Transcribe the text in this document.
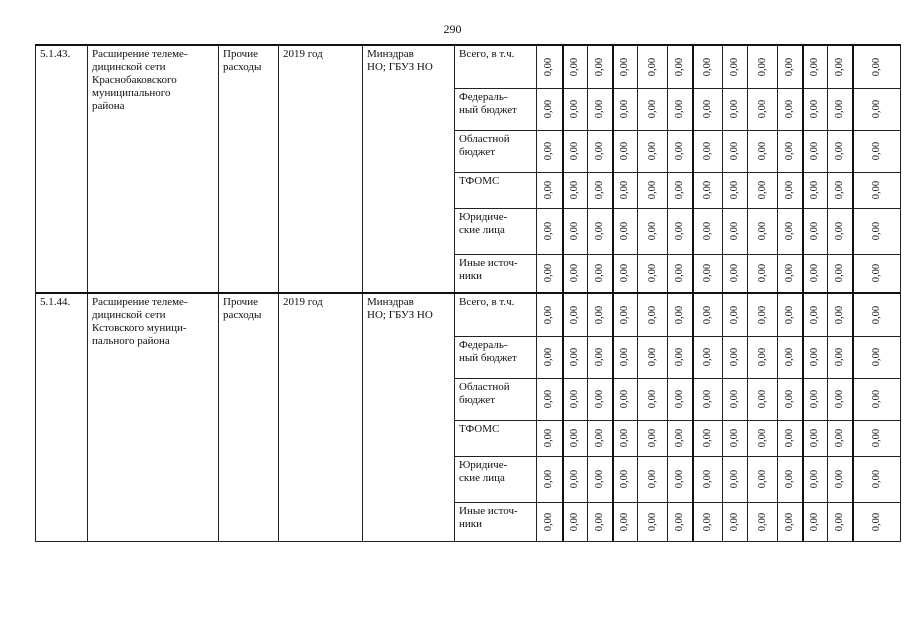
290
5.1.43.	Расширение телеме-
дицинской сети
Краснобаковского
муниципального
района	Прочие
расходы	2019 год	Минздрав
НО; ГБУЗ НО	Всего, в т.ч.	0,00	0,00	0,00	0,00	0,00	0,00	0,00	0,00	0,00	0,00	0,00	0,00	0,00

					Федераль-
ный бюджет	0,00	0,00	0,00	0,00	0,00	0,00	0,00	0,00	0,00	0,00	0,00	0,00	0,00

					Областной
бюджет	0,00	0,00	0,00	0,00	0,00	0,00	0,00	0,00	0,00	0,00	0,00	0,00	0,00

					ТФОМС	0,00	0,00	0,00	0,00	0,00	0,00	0,00	0,00	0,00	0,00	0,00	0,00	0,00

					Юридиче-
ские лица	0,00	0,00	0,00	0,00	0,00	0,00	0,00	0,00	0,00	0,00	0,00	0,00	0,00

					Иные источ-
ники	0,00	0,00	0,00	0,00	0,00	0,00	0,00	0,00	0,00	0,00	0,00	0,00	0,00

5.1.44.	Расширение телеме-
дицинской сети
Кстовского муници-
пального района	Прочие
расходы	2019 год	Минздрав
НО; ГБУЗ НО	Всего, в т.ч.	0,00	0,00	0,00	0,00	0,00	0,00	0,00	0,00	0,00	0,00	0,00	0,00	0,00

					Федераль-
ный бюджет	0,00	0,00	0,00	0,00	0,00	0,00	0,00	0,00	0,00	0,00	0,00	0,00	0,00

					Областной
бюджет	0,00	0,00	0,00	0,00	0,00	0,00	0,00	0,00	0,00	0,00	0,00	0,00	0,00

					ТФОМС	0,00	0,00	0,00	0,00	0,00	0,00	0,00	0,00	0,00	0,00	0,00	0,00	0,00

					Юридиче-
ские лица	0,00	0,00	0,00	0,00	0,00	0,00	0,00	0,00	0,00	0,00	0,00	0,00	0,00

					Иные источ-
ники	0,00	0,00	0,00	0,00	0,00	0,00	0,00	0,00	0,00	0,00	0,00	0,00	0,00
